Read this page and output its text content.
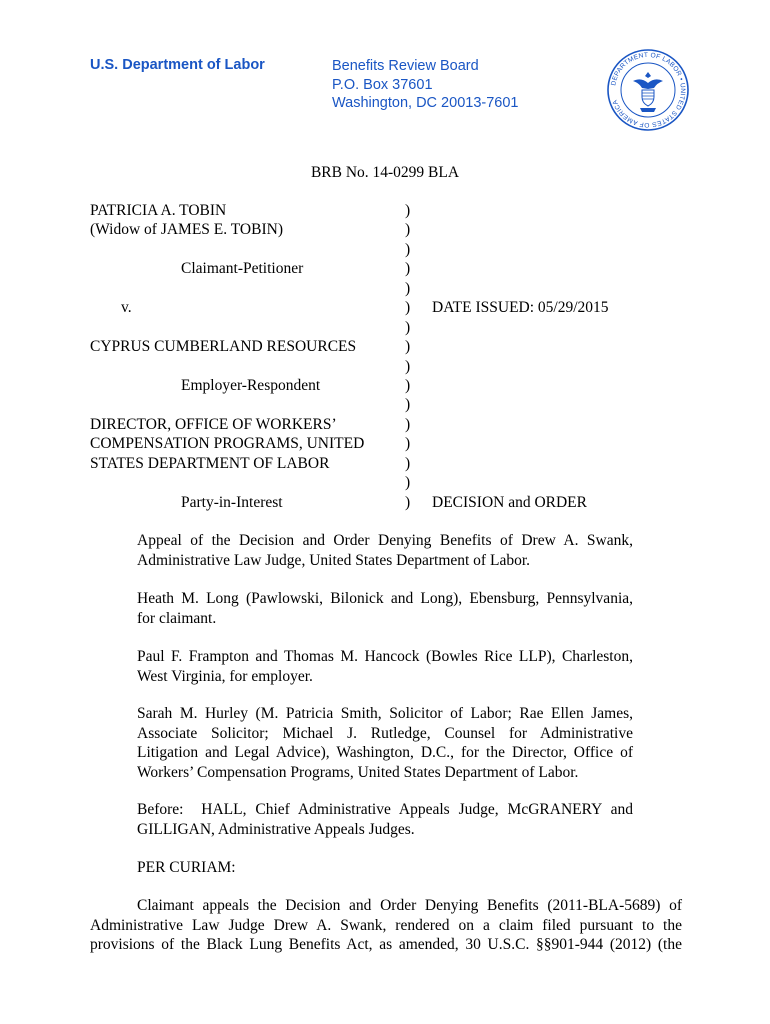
U.S. Department of Labor	Benefits Review Board
P.O. Box 37601
Washington, DC 20013-7601
DEPARTMENT OF LABOR • UNITED STATES OF AMERICA
BRB No. 14-0299 BLA
PATRICIA A. TOBIN
(Widow of JAMES E. TOBIN)
Claimant-Petitioner
v.
CYPRUS CUMBERLAND RESOURCES
Employer-Respondent
DIRECTOR, OFFICE OF WORKERS’
COMPENSATION PROGRAMS, UNITED
STATES DEPARTMENT OF LABOR
Party-in-Interest
)
)
)
)
)
)
)
)
)
)
)
)
)
)
)
)
DATE ISSUED: 05/29/2015
DECISION and ORDER
Appeal of the Decision and Order Denying Benefits of Drew A. Swank,
Administrative Law Judge, United States Department of Labor.
Heath M. Long (Pawlowski, Bilonick and Long), Ebensburg, Pennsylvania,
for claimant.
Paul F. Frampton and Thomas M. Hancock (Bowles Rice LLP), Charleston,
West Virginia, for employer.
Sarah M. Hurley (M. Patricia Smith, Solicitor of Labor; Rae Ellen James,
Associate Solicitor; Michael J. Rutledge, Counsel for Administrative
Litigation and Legal Advice), Washington, D.C., for the Director, Office of
Workers’ Compensation Programs, United States Department of Labor.
Before:  HALL, Chief Administrative Appeals Judge, McGRANERY and
GILLIGAN, Administrative Appeals Judges.
PER CURIAM:
Claimant appeals the Decision and Order Denying Benefits (2011-BLA-5689) of
Administrative Law Judge Drew A. Swank, rendered on a claim filed pursuant to the
provisions of the Black Lung Benefits Act, as amended, 30 U.S.C. §§901-944 (2012) (the
